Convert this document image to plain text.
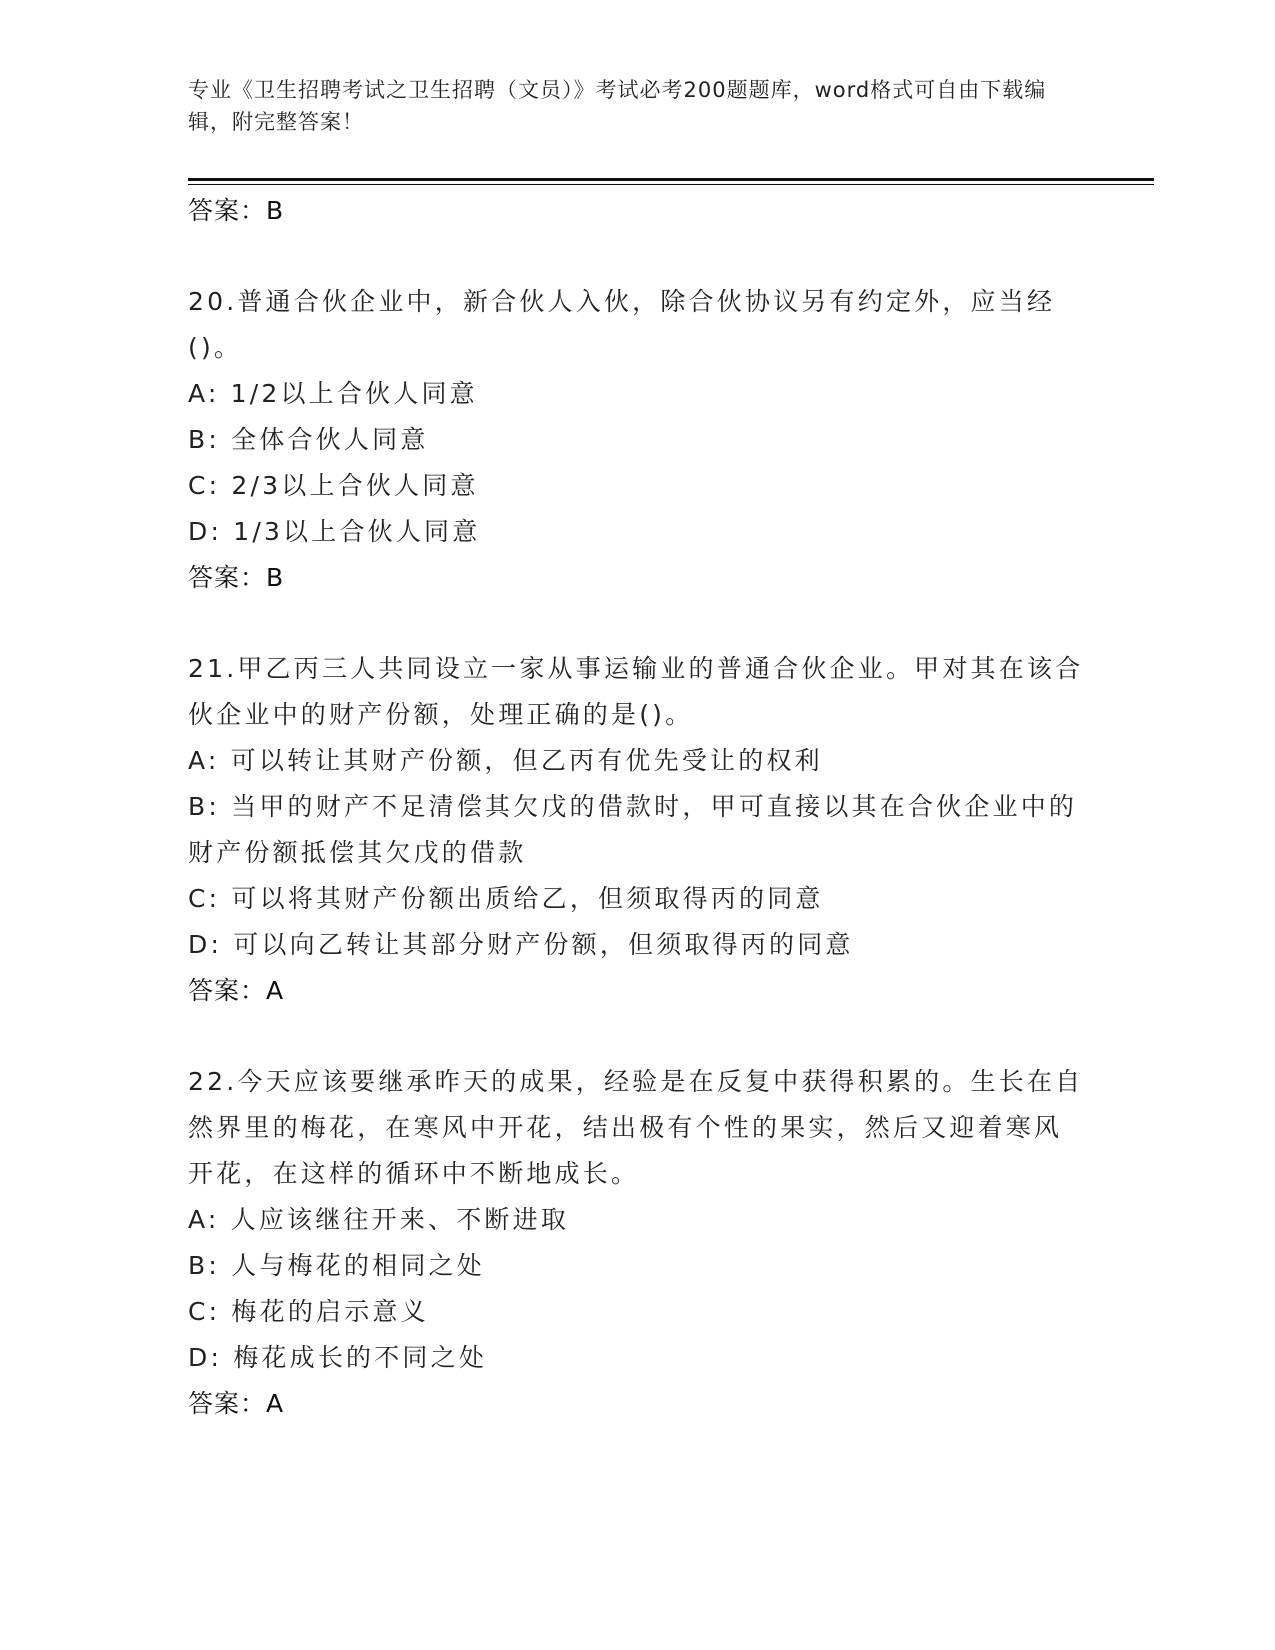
专业《卫生招聘考试之卫生招聘（文员）》考试必考200题题库，word格式可自由下载编辑，附完整答案！
答案：B
20.普通合伙企业中，新合伙人入伙，除合伙协议另有约定外，应当经()。
A: 1/2以上合伙人同意
B: 全体合伙人同意
C: 2/3以上合伙人同意
D: 1/3以上合伙人同意
答案：B
21.甲乙丙三人共同设立一家从事运输业的普通合伙企业。甲对其在该合伙企业中的财产份额，处理正确的是()。
A: 可以转让其财产份额，但乙丙有优先受让的权利
B: 当甲的财产不足清偿其欠戊的借款时，甲可直接以其在合伙企业中的财产份额抵偿其欠戊的借款
C: 可以将其财产份额出质给乙，但须取得丙的同意
D: 可以向乙转让其部分财产份额，但须取得丙的同意
答案：A
22.今天应该要继承昨天的成果，经验是在反复中获得积累的。生长在自然界里的梅花，在寒风中开花，结出极有个性的果实，然后又迎着寒风开花，在这样的循环中不断地成长。
A: 人应该继往开来、不断进取
B: 人与梅花的相同之处
C: 梅花的启示意义
D: 梅花成长的不同之处
答案：A
